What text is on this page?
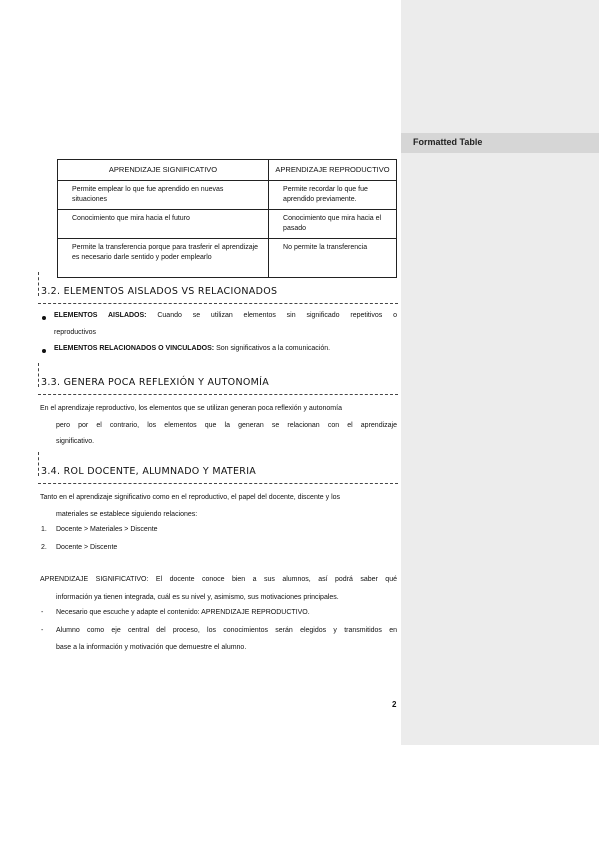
APRENDIZAJE SIGNIFICATIVO	APRENDIZAJE REPRODUCTIVO
Permite emplear lo que fue aprendido en nuevas situaciones	Permite recordar lo que fue aprendido previamente.
Conocimiento que mira hacia el futuro	Conocimiento que mira hacia el pasado
Permite la transferencia porque para trasferir el aprendizaje es necesario darle sentido y poder emplearlo	No permite la transferencia
3.2. ELEMENTOS AISLADOS VS RELACIONADOS
ELEMENTOS AISLADOS: Cuando se utilizan elementos sin significado repetitivos o
reproductivos
ELEMENTOS RELACIONADOS O VINCULADOS: Son significativos a la comunicación.
3.3. GENERA POCA REFLEXIÓN Y AUTONOMÍA
En el aprendizaje reproductivo, los elementos que se utilizan generan poca reflexión y autonomía
pero por el contrario, los elementos que la generan se relacionan con el aprendizaje
significativo.
3.4. ROL DOCENTE, ALUMNADO Y MATERIA
Tanto en el aprendizaje significativo como en el reproductivo, el papel del docente, discente y los
materiales se establece siguiendo relaciones:
1. Docente > Materiales > Discente
2. Docente > Discente
APRENDIZAJE SIGNIFICATIVO: El docente conoce bien a sus alumnos, así podrá saber qué
información ya tienen integrada, cuál es su nivel y, asimismo, sus motivaciones principales.
- Necesario que escuche y adapte el contenido: APRENDIZAJE REPRODUCTIVO.
- Alumno como eje central del proceso, los conocimientos serán elegidos y transmitidos en
base a la información y motivación que demuestre el alumno.
2
Formatted Table
